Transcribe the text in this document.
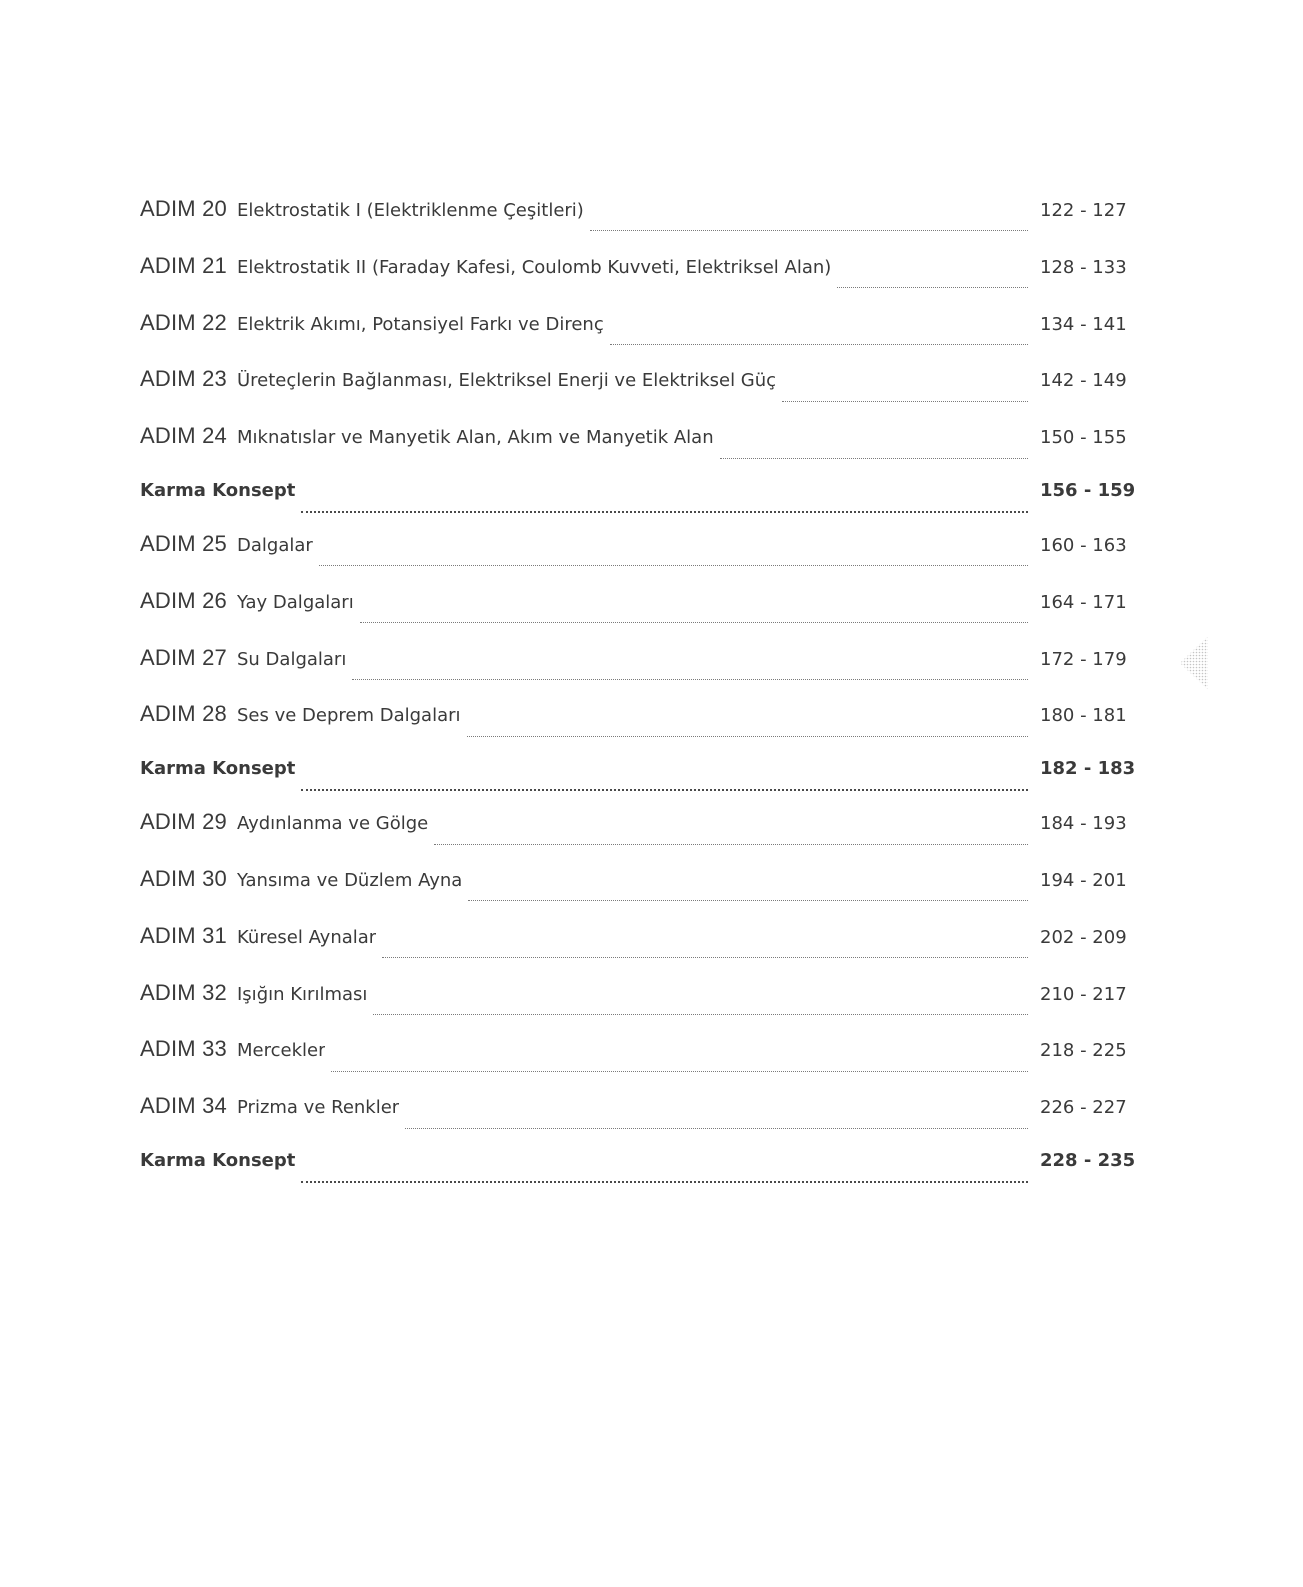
ADIM 20 Elektrostatik I (Elektriklenme Çeşitleri)	122 - 127
ADIM 21 Elektrostatik II (Faraday Kafesi, Coulomb Kuvveti, Elektriksel Alan)	128 - 133
ADIM 22 Elektrik Akımı, Potansiyel Farkı ve Direnç	134 - 141
ADIM 23 Üreteçlerin Bağlanması, Elektriksel Enerji ve Elektriksel Güç	142 - 149
ADIM 24 Mıknatıslar ve Manyetik Alan, Akım ve Manyetik Alan	150 - 155
Karma Konsept	156 - 159
ADIM 25 Dalgalar	160 - 163
ADIM 26 Yay Dalgaları	164 - 171
ADIM 27 Su Dalgaları	172 - 179
ADIM 28 Ses ve Deprem Dalgaları	180 - 181
Karma Konsept	182 - 183
ADIM 29 Aydınlanma ve Gölge	184 - 193
ADIM 30 Yansıma ve Düzlem Ayna	194 - 201
ADIM 31 Küresel Aynalar	202 - 209
ADIM 32 Işığın Kırılması	210 - 217
ADIM 33 Mercekler	218 - 225
ADIM 34 Prizma ve Renkler	226 - 227
Karma Konsept	228 - 235
